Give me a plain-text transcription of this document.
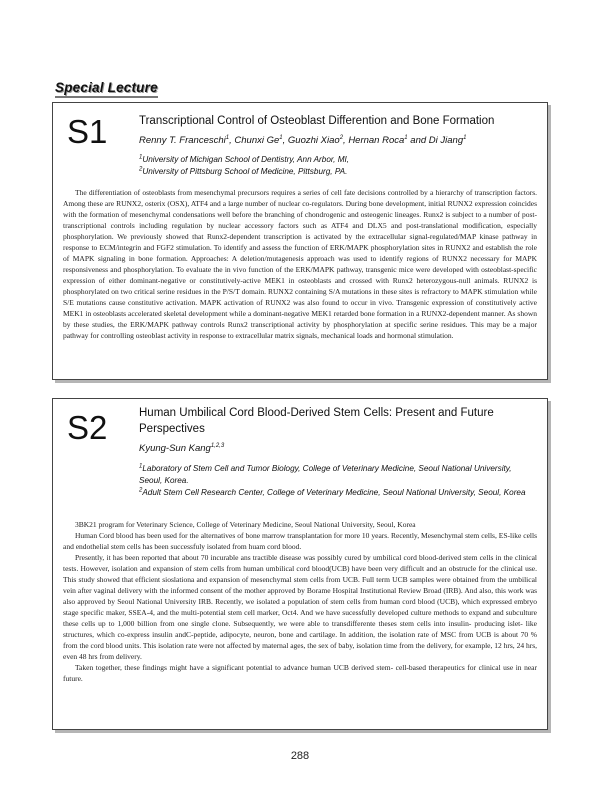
Special Lecture
S1	Transcriptional Control of Osteoblast Differention and Bone Formation
Renny T. Franceschi$^1$, Chunxi Ge$^1$, Guozhi Xiao$^2$, Hernan Roca$^1$ and Di Jiang$^1$
$^1$University of Michigan School of Dentistry, Ann Arbor, MI,
$^2$University of Pittsburg School of Medicine, Pittsburg, PA.

The differentiation of osteoblasts from mesenchymal precursors requires a series of cell fate decisions controlled by a hierarchy of transcription factors. Among these are RUNX2, osterix (OSX), ATF4 and a large number of nuclear co-regulators. During bone development, initial RUNX2 expression coincides with the formation of mesenchymal condensations well before the branching of chondrogenic and osteogenic lineages. Runx2 is subject to a number of post-transcriptional controls including regulation by nuclear accessory factors such as ATF4 and DLX5 and post-translational modification, especially phosphorylation. We previously showed that Runx2-dependent transcription is activated by the extracellular signal-regulated/MAP kinase pathway in response to ECM/integrin and FGF2 stimulation. To identify and assess the function of ERK/MAPK phosphorylation sites in RUNX2 and establish the role of MAPK signaling in bone formation. Approaches: A deletion/mutagenesis approach was used to identify regions of RUNX2 necessary for MAPK responsiveness and phosphorylation. To evaluate the in vivo function of the ERK/MAPK pathway, transgenic mice were developed with osteoblast-specific expression of either dominant-negative or constitutively-active MEK1 in osteoblasts and crossed with Runx2 heterozygous-null animals. RUNX2 is phosphorylated on two critical serine residues in the P/S/T domain. RUNX2 containing S/A mutations in these sites is refractory to MAPK stimulation while S/E mutations cause constitutive activation. MAPK activation of RUNX2 was also found to occur in vivo. Transgenic expression of constitutively active MEK1 in osteoblasts accelerated skeletal development while a dominant-negative MEK1 retarded bone formation in a RUNX2-dependent manner. As shown by these studies, the ERK/MAPK pathway controls Runx2 transcriptional activity by phosphorylation at specific serine residues. This may be a major pathway for controlling osteoblast activity in response to extracellular matrix signals, mechanical loads and hormonal stimulation.

S2	Human Umbilical Cord Blood-Derived Stem Cells: Present and Future Perspectives
Kyung-Sun Kang$^{1,2,3}$
$^1$Laboratory of Stem Cell and Tumor Biology, College of Veterinary Medicine, Seoul National University, Seoul, Korea.
$^2$Adult Stem Cell Research Center, College of Veterinary Medicine, Seoul National University, Seoul, Korea

3BK21 program for Veterinary Science, College of Veterinary Medicine, Seoul National University, Seoul, Korea

Human Cord blood has been used for the alternatives of bone marrow transplantation for more 10 years. Recently, Mesenchymal stem cells, ES-like cells and endothelial stem cells has been successfuly isolated from huam cord blood.

Presently, it has been reported that about 70 incurable ans tractible disease was possibly cured by umbilical cord blood-derived stem cells in the clinical tests. However, isolation and expansion of stem cells from human umbilical cord blood(UCB) have been very difficult and an obstrucle for the clinical use. This study showed that efficient sioslationa and expansion of mesenchymal stem cells from UCB. Full term UCB samples were obtained from the umbilical vein after vaginal delivery with the informed consent of the mother approved by Borame Hospital Institutional Review Broad (IRB). And also, this work was also approved by Seoul National University IRB. Recently, we isolated a population of stem cells from human cord blood (UCB), which expressed embryo stage specific maker, SSEA-4, and the multi-potential stem cell marker, Oct4. And we have sucessfully developed culture methods to expand and subculture these cells up to 1,000 billion from one single clone. Subsequently, we were able to transdifferente theses stem cells into insulin- producing islet- like structures, which co-express insulin andC-peptide, adipocyte, neuron, bone and cartilage. In addition, the isolation rate of MSC from UCB is about 70 % from the cord blood units. This isolation rate were not affected by maternal ages, the sex of baby, isolation time from the delivery, for example, 12 hrs, 24 hrs, even 48 hrs from delivery.

Taken together, these findings might have a significant potential to advance human UCB derived stem- cell-based therapeutics for clinical use in near future.

288
